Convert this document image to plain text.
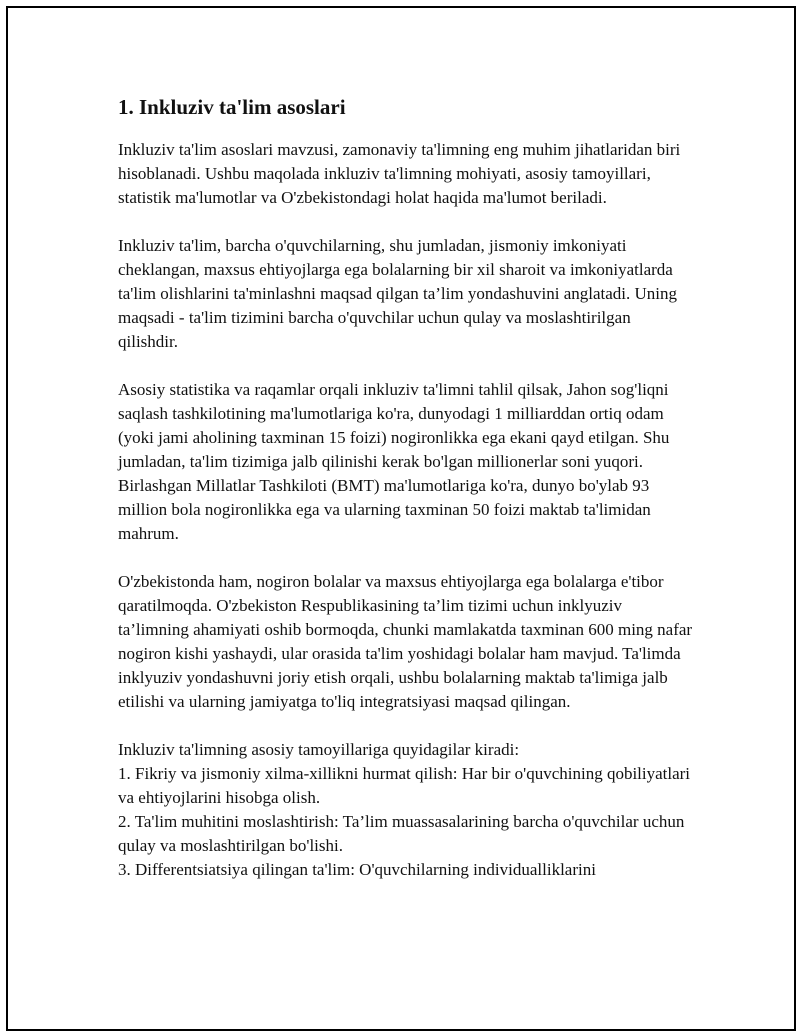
1. Inkluziv ta'lim asoslari

Inkluziv ta'lim asoslari mavzusi, zamonaviy ta'limning eng muhim jihatlaridan biri hisoblanadi. Ushbu maqolada inkluziv ta'limning mohiyati, asosiy tamoyillari, statistik ma'lumotlar va O'zbekistondagi holat haqida ma'lumot beriladi.

Inkluziv ta'lim, barcha o'quvchilarning, shu jumladan, jismoniy imkoniyati cheklangan, maxsus ehtiyojlarga ega bolalarning bir xil sharoit va imkoniyatlarda ta'lim olishlarini ta'minlashni maqsad qilgan ta’lim yondashuvini anglatadi. Uning maqsadi - ta'lim tizimini barcha o'quvchilar uchun qulay va moslashtirilgan qilishdir.

Asosiy statistika va raqamlar orqali inkluziv ta'limni tahlil qilsak, Jahon sog'liqni saqlash tashkilotining ma'lumotlariga ko'ra, dunyodagi 1 milliarddan ortiq odam (yoki jami aholining taxminan 15 foizi) nogironlikka ega ekani qayd etilgan. Shu jumladan, ta'lim tizimiga jalb qilinishi kerak bo'lgan millionerlar soni yuqori. Birlashgan Millatlar Tashkiloti (BMT) ma'lumotlariga ko'ra, dunyo bo'ylab 93 million bola nogironlikka ega va ularning taxminan 50 foizi maktab ta'limidan mahrum.

O'zbekistonda ham, nogiron bolalar va maxsus ehtiyojlarga ega bolalarga e'tibor qaratilmoqda. O'zbekiston Respublikasining ta’lim tizimi uchun inklyuziv ta’limning ahamiyati oshib bormoqda, chunki mamlakatda taxminan 600 ming nafar nogiron kishi yashaydi, ular orasida ta'lim yoshidagi bolalar ham mavjud. Ta'limda inklyuziv yondashuvni joriy etish orqali, ushbu bolalarning maktab ta'limiga jalb etilishi va ularning jamiyatga to'liq integratsiyasi maqsad qilingan.

Inkluziv ta'limning asosiy tamoyillariga quyidagilar kiradi:
1. Fikriy va jismoniy xilma-xillikni hurmat qilish: Har bir o'quvchining qobiliyatlari va ehtiyojlarini hisobga olish.
2. Ta'lim muhitini moslashtirish: Ta’lim muassasalarining barcha o'quvchilar uchun qulay va moslashtirilgan bo'lishi.
3. Differentsiatsiya qilingan ta'lim: O'quvchilarning individualliklarini
